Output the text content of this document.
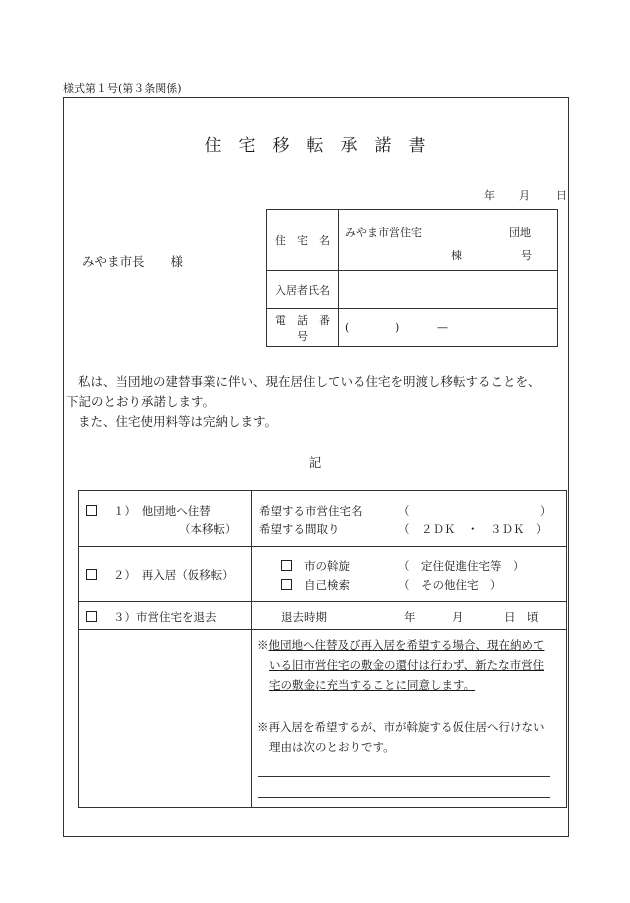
様式第１号(第３条関係)
住宅移転承諾書
年 月 日
みやま市長 様
住　宅　名	みやま市営住宅 団地
棟 号

入居者氏名	
電　話　番　号	( ) —
私は、当団地の建替事業に伴い、現在居住している住宅を明渡し移転することを、
下記のとおり承諾します。
また、住宅使用料等は完納します。
記
１）　他団地へ住替
（本移転）	希望する市営住宅名 （ ）
希望する間取り （　２ＤＫ　・　３ＤＫ　）

２）　再入居（仮移転）	市の斡旋 （　定住促進住宅等　）
自己検索 （　その他住宅　）

３）市営住宅を退去	退去時期 年 月 日　頃

	※他団地へ住替及び再入居を希望する場合、現在納めて
いる旧市営住宅の敷金の還付は行わず、新たな市営住
宅の敷金に充当することに同意します。
※再入居を希望するが、市が斡旋する仮住居へ行けない
理由は次のとおりです。
